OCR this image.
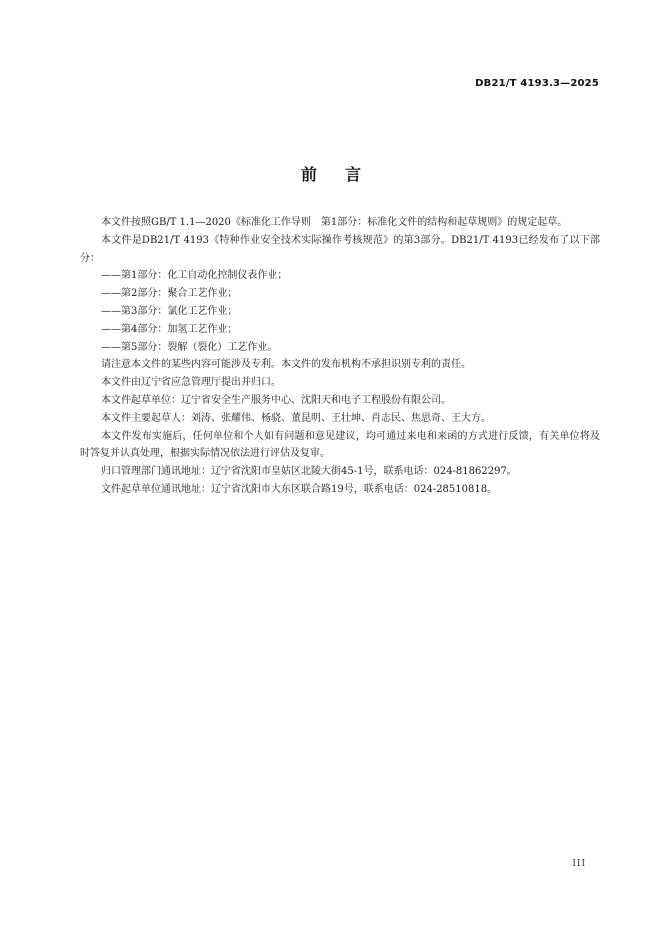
DB21/T 4193.3—2025
前言

本文件按照GB/T 1.1—2020《标准化工作导则　第1部分：标准化文件的结构和起草规则》的规定起草。

本文件是DB21/T 4193《特种作业安全技术实际操作考核规范》的第3部分。DB21/T 4193已经发布了以下部分：

——第1部分：化工自动化控制仪表作业；

——第2部分：聚合工艺作业；

——第3部分：氯化工艺作业；

——第4部分：加氢工艺作业；

——第5部分：裂解（裂化）工艺作业。

请注意本文件的某些内容可能涉及专利。本文件的发布机构不承担识别专利的责任。

本文件由辽宁省应急管理厅提出并归口。

本文件起草单位：辽宁省安全生产服务中心、沈阳天和电子工程股份有限公司。

本文件主要起草人：刘涛、张耀伟、杨骁、董昆明、王壮坤、肖志民、焦思奇、王大方。

本文件发布实施后，任何单位和个人如有问题和意见建议，均可通过来电和来函的方式进行反馈，有关单位将及时答复并认真处理，根据实际情况依法进行评估及复审。

归口管理部门通讯地址：辽宁省沈阳市皇姑区北陵大街45-1号，联系电话：024-81862297。

文件起草单位通讯地址：辽宁省沈阳市大东区联合路19号，联系电话：024-28510818。

III
